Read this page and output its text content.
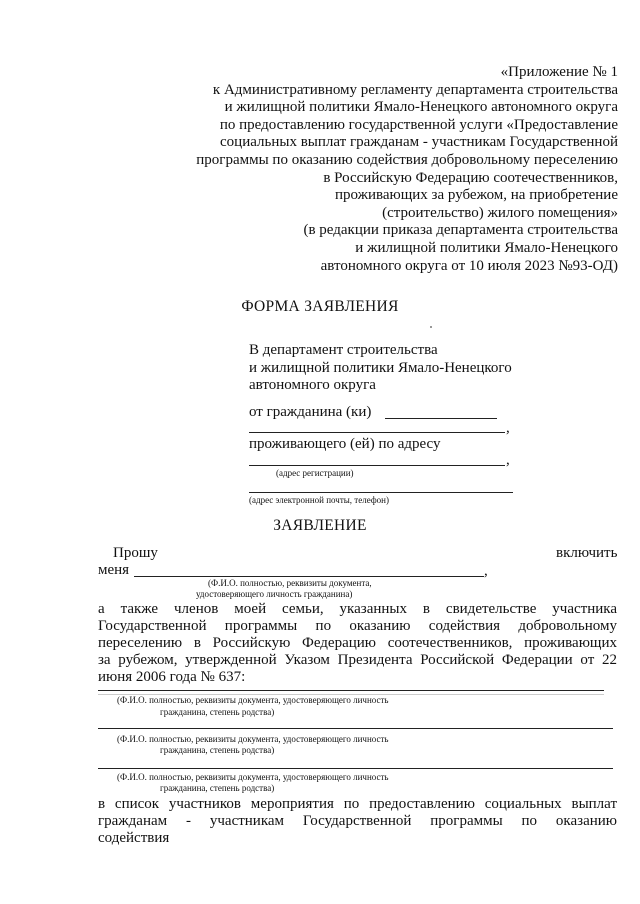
«Приложение № 1
к Административному регламенту департамента строительства
и жилищной политики Ямало-Ненецкого автономного округа
по предоставлению государственной услуги «Предоставление
социальных выплат гражданам - участникам Государственной
программы по оказанию содействия добровольному переселению
в Российскую Федерацию соотечественников,
проживающих за рубежом, на приобретение
(строительство) жилого помещения»
(в редакции приказа департамента строительства
и жилищной политики Ямало-Ненецкого
автономного округа от 10 июля 2023 №93-ОД)
ФОРМА ЗАЯВЛЕНИЯ
В департамент строительства
и жилищной политики Ямало-Ненецкого
автономного округа
от гражданина (ки)
,
проживающего (ей) по адресу
,
(адрес регистрации)
(адрес электронной почты, телефон)
ЗАЯВЛЕНИЕ
Прошу	включить
меня	,
(Ф.И.О. полностью, реквизиты документа,
удостоверяющего личность гражданина)
а также членов моей семьи, указанных в свидетельстве участника
Государственной программы по оказанию содействия добровольному
переселению в Российскую Федерацию соотечественников, проживающих
за рубежом, утвержденной Указом Президента Российской Федерации от 22
июня 2006 года № 637:
(Ф.И.О. полностью, реквизиты документа, удостоверяющего личность
гражданина, степень родства)
(Ф.И.О. полностью, реквизиты документа, удостоверяющего личность
гражданина, степень родства)
(Ф.И.О. полностью, реквизиты документа, удостоверяющего личность
гражданина, степень родства)
в список участников мероприятия по предоставлению социальных выплат
гражданам - участникам Государственной программы по оказанию
содействия
